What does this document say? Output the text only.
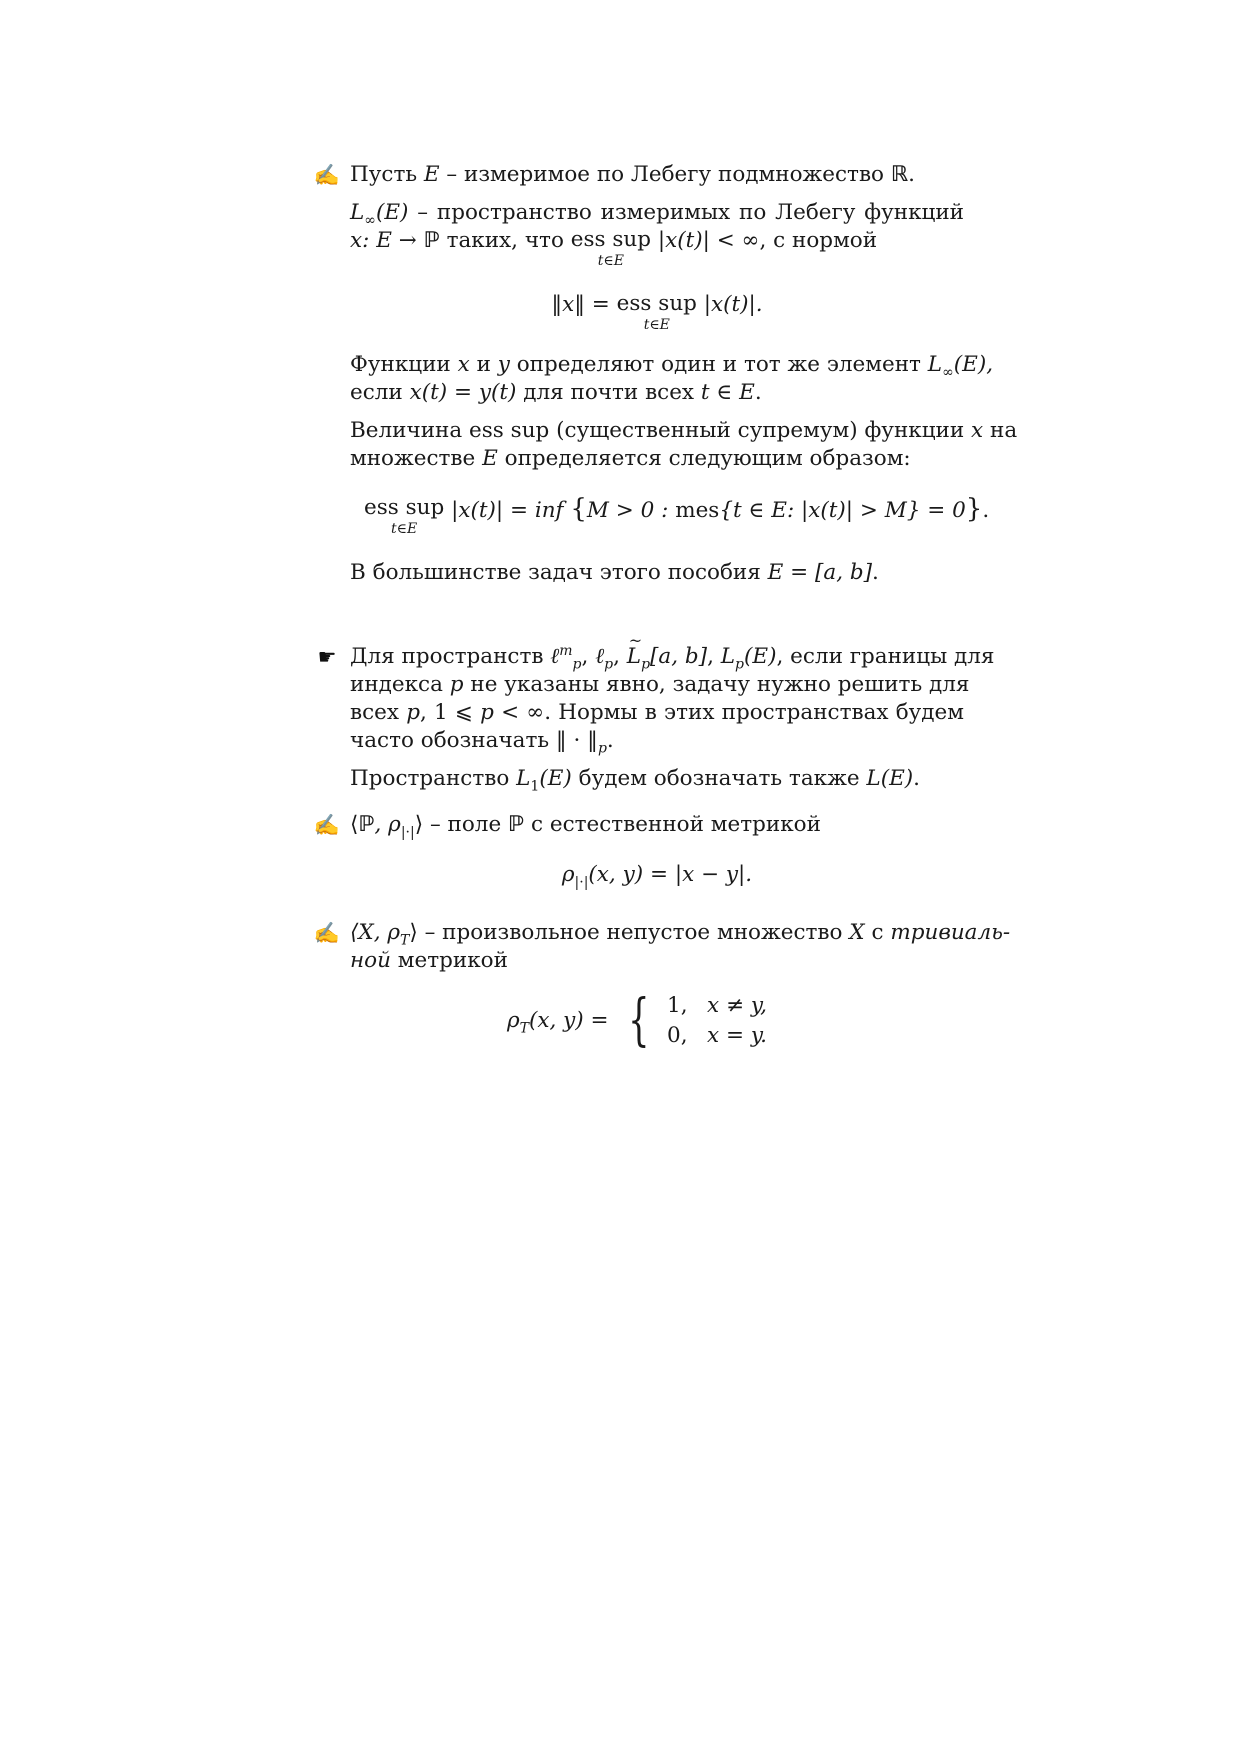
✍ Пусть E – измеримое по Лебегу подмножество ℝ.

$L_\infty(E)$ – пространство измеримых по Лебегу функций
x: E → ℙ таких, что ess sup
t∈E
|x(t)| < ∞, с нормой

‖x‖ = ess sup
t∈E
|x(t)|.

Функции x и y определяют один и тот же элемент $L_\infty(E)$,
если x(t) = y(t) для почти всех t ∈ E.

Величина ess sup (существенный супремум) функции x на
множестве E определяется следующим образом:

ess sup
t∈E
|x(t)| = inf {M > 0 : mes{t ∈ E: |x(t)| > M} = 0}.

В большинстве задач этого пособия E = [a, b].

☛ Для пространств ℓ$^m_p$, ℓ$_p$, ~ $L_p[a$, b], $L_p(E)$, если границы для
индекса p не указаны явно, задачу нужно решить для
всех p, 1 ⩽ p < ∞. Нормы в этих пространствах будем
часто обозначать ‖ · $‖_p$.

Пространство $L_1(E)$ будем обозначать также L(E).

✍ ⟨ℙ, $\rho_{|\cdot|}⟩$ – поле ℙ с естественной метрикой

$\rho_{|\cdot|}(x$, y) = |x − y|.
✍ ⟨X, $\rho_T⟩$ – произвольное непустое множество X с тривиаль-
ной метрикой

$\rho_T(x$, y) = { 1, x ≠ y,
0, x = y.
